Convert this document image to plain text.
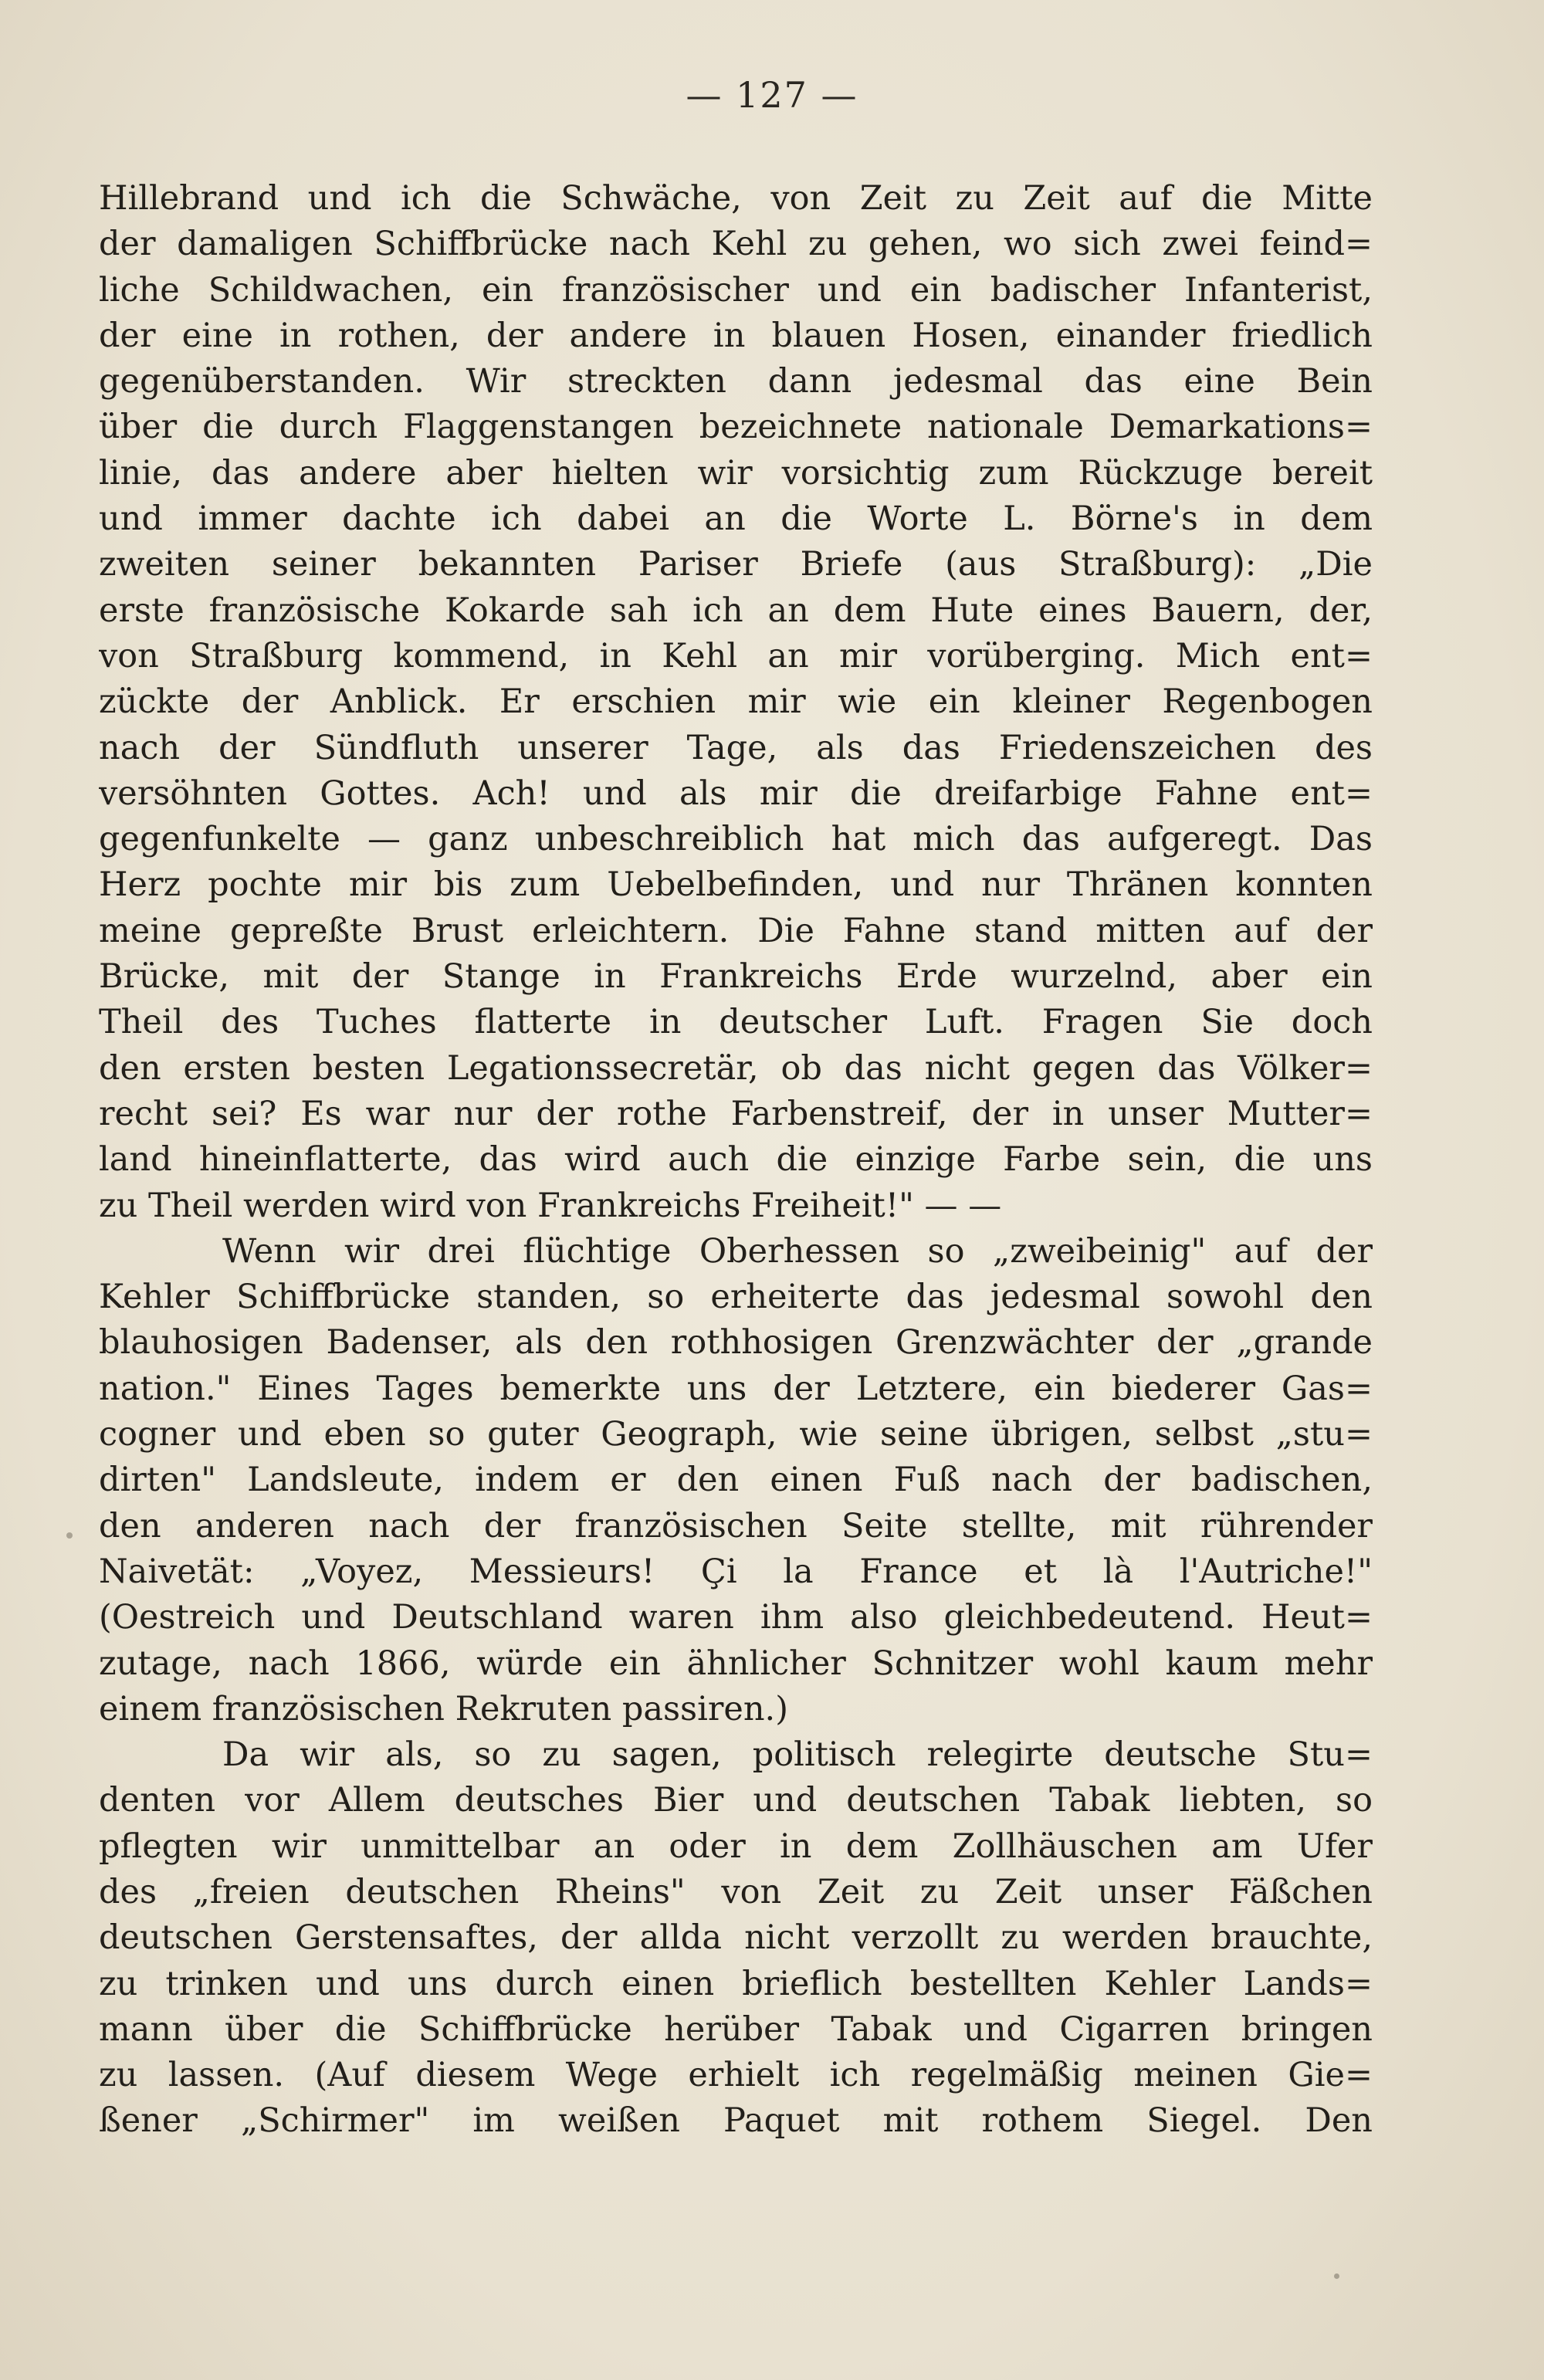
— 127 —
Hillebrand und ich die Schwäche, von Zeit zu Zeit auf die Mitte
der damaligen Schiffbrücke nach Kehl zu gehen, wo sich zwei feind=
liche Schildwachen, ein französischer und ein badischer Infanterist,
der eine in rothen, der andere in blauen Hosen, einander friedlich
gegenüberstanden. Wir streckten dann jedesmal das eine Bein
über die durch Flaggenstangen bezeichnete nationale Demarkations=
linie, das andere aber hielten wir vorsichtig zum Rückzuge bereit
und immer dachte ich dabei an die Worte L. Börne's in dem
zweiten seiner bekannten Pariser Briefe (aus Straßburg): „Die
erste französische Kokarde sah ich an dem Hute eines Bauern, der,
von Straßburg kommend, in Kehl an mir vorüberging. Mich ent=
zückte der Anblick. Er erschien mir wie ein kleiner Regenbogen
nach der Sündfluth unserer Tage, als das Friedenszeichen des
versöhnten Gottes. Ach! und als mir die dreifarbige Fahne ent=
gegenfunkelte — ganz unbeschreiblich hat mich das aufgeregt. Das
Herz pochte mir bis zum Uebelbefinden, und nur Thränen konnten
meine gepreßte Brust erleichtern. Die Fahne stand mitten auf der
Brücke, mit der Stange in Frankreichs Erde wurzelnd, aber ein
Theil des Tuches flatterte in deutscher Luft. Fragen Sie doch
den ersten besten Legationssecretär, ob das nicht gegen das Völker=
recht sei? Es war nur der rothe Farbenstreif, der in unser Mutter=
land hineinflatterte, das wird auch die einzige Farbe sein, die uns
zu Theil werden wird von Frankreichs Freiheit!" — —
Wenn wir drei flüchtige Oberhessen so „zweibeinig" auf der
Kehler Schiffbrücke standen, so erheiterte das jedesmal sowohl den
blauhosigen Badenser, als den rothhosigen Grenzwächter der „grande
nation." Eines Tages bemerkte uns der Letztere, ein biederer Gas=
cogner und eben so guter Geograph, wie seine übrigen, selbst „stu=
dirten" Landsleute, indem er den einen Fuß nach der badischen,
den anderen nach der französischen Seite stellte, mit rührender
Naivetät: „Voyez, Messieurs! Çi la France et là l'Autriche!"
(Oestreich und Deutschland waren ihm also gleichbedeutend. Heut=
zutage, nach 1866, würde ein ähnlicher Schnitzer wohl kaum mehr
einem französischen Rekruten passiren.)
Da wir als, so zu sagen, politisch relegirte deutsche Stu=
denten vor Allem deutsches Bier und deutschen Tabak liebten, so
pflegten wir unmittelbar an oder in dem Zollhäuschen am Ufer
des „freien deutschen Rheins" von Zeit zu Zeit unser Fäßchen
deutschen Gerstensaftes, der allda nicht verzollt zu werden brauchte,
zu trinken und uns durch einen brieflich bestellten Kehler Lands=
mann über die Schiffbrücke herüber Tabak und Cigarren bringen
zu lassen. (Auf diesem Wege erhielt ich regelmäßig meinen Gie=
ßener „Schirmer" im weißen Paquet mit rothem Siegel. Den
